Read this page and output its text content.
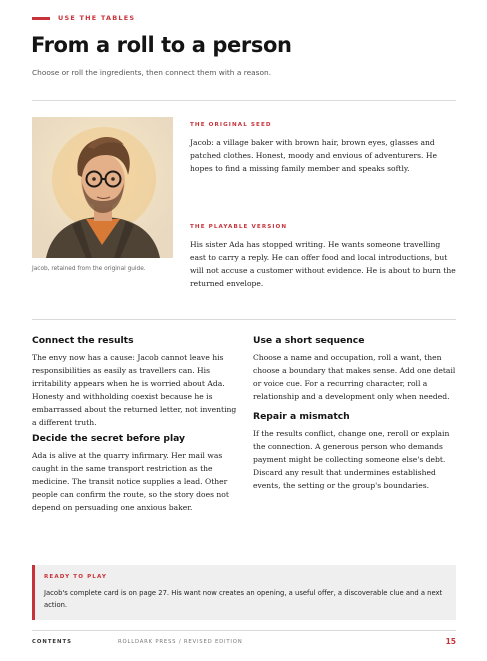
USE THE TABLES
From a roll to a person

Choose or roll the ingredients, then connect them with a reason.

Jacob, retained from the original guide.
THE ORIGINAL SEED

Jacob: a village baker with brown hair, brown eyes, glasses and patched clothes. Honest, moody and envious of adventurers. He hopes to find a missing family member and speaks softly.

THE PLAYABLE VERSION

His sister Ada has stopped writing. He wants someone travelling east to carry a reply. He can offer food and local introductions, but will not accuse a customer without evidence. He is about to burn the returned envelope.

Connect the results

The envy now has a cause: Jacob cannot leave his responsibilities as easily as travellers can. His irritability appears when he is worried about Ada. Honesty and withholding coexist because he is embarrassed about the returned letter, not inventing a different truth.

Decide the secret before play

Ada is alive at the quarry infirmary. Her mail was caught in the same transport restriction as the medicine. The transit notice supplies a lead. Other people can confirm the route, so the story does not depend on persuading one anxious baker.

Use a short sequence

Choose a name and occupation, roll a want, then choose a boundary that makes sense. Add one detail or voice cue. For a recurring character, roll a relationship and a development only when needed.

Repair a mismatch

If the results conflict, change one, reroll or explain the connection. A generous person who demands payment might be collecting someone else's debt. Discard any result that undermines established events, the setting or the group's boundaries.

READY TO PLAY

Jacob's complete card is on page 27. His want now creates an opening, a useful offer, a discoverable clue and a next action.

CONTENTS	ROLLDARK PRESS / REVISED EDITION	15
